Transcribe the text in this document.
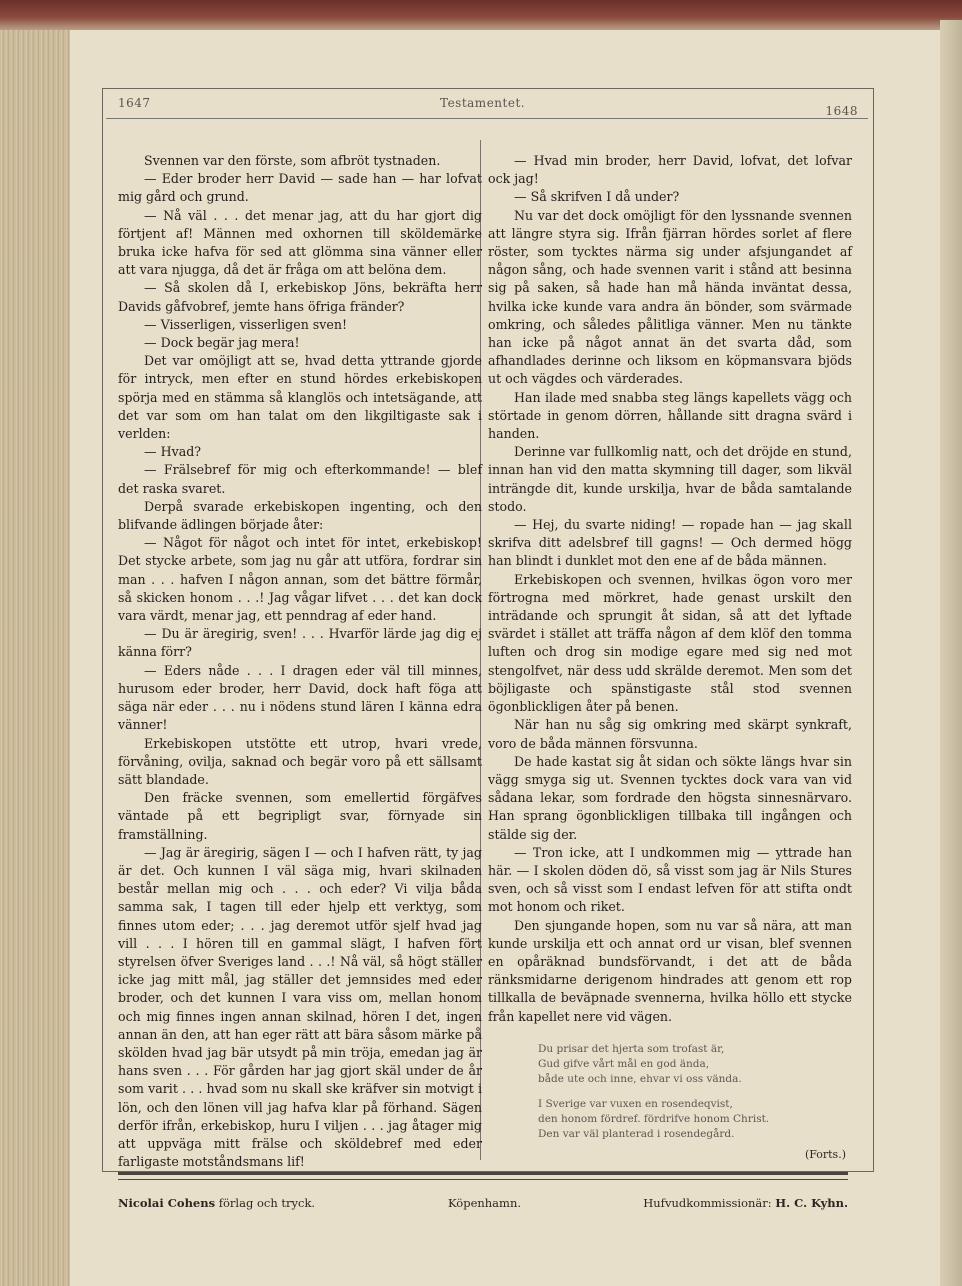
1647	Testamentet.
1648

Svennen var den förste, som afbröt tystnaden.

— Eder broder herr David — sade han — har lofvat mig gård och grund.

— Nå väl . . . det menar jag, att du har gjort dig förtjent af! Männen med oxhornen till sköldemärke bruka icke hafva för sed att glömma sina vänner eller att vara njugga, då det är fråga om att belöna dem.

— Så skolen då I, erkebiskop Jöns, bekräfta herr Davids gåfvobref, jemte hans öfriga fränder?

— Visserligen, visserligen sven!

— Dock begär jag mera!

Det var omöjligt att se, hvad detta yttrande gjorde för intryck, men efter en stund hördes erkebiskopen spörja med en stämma så klanglös och intetsägande, att det var som om han talat om den likgiltigaste sak i verlden:

— Hvad?

— Frälsebref för mig och efterkommande! — blef det raska svaret.

Derpå svarade erkebiskopen ingenting, och den blifvande ädlingen började åter:

— Något för något och intet för intet, erkebiskop! Det stycke arbete, som jag nu går att utföra, fordrar sin man . . . hafven I någon annan, som det bättre förmår, så skicken honom . . .! Jag vågar lifvet . . . det kan dock vara värdt, menar jag, ett penndrag af eder hand.

— Du är äregirig, sven! . . . Hvarför lärde jag dig ej känna förr?

— Eders nåde . . . I dragen eder väl till minnes, hurusom eder broder, herr David, dock haft föga att säga när eder . . . nu i nödens stund lären I känna edra vänner!

Erkebiskopen utstötte ett utrop, hvari vrede, förvåning, ovilja, saknad och begär voro på ett sällsamt sätt blandade.

Den fräcke svennen, som emellertid förgäfves väntade på ett begripligt svar, förnyade sin framställning.

— Jag är äregirig, sägen I — och I hafven rätt, ty jag är det. Och kunnen I väl säga mig, hvari skilnaden består mellan mig och . . . och eder? Vi vilja båda samma sak, I tagen till eder hjelp ett verktyg, som finnes utom eder; . . . jag deremot utför sjelf hvad jag vill . . . I hören till en gammal slägt, I hafven fört styrelsen öfver Sveriges land . . .! Nå väl, så högt ställer icke jag mitt mål, jag ställer det jemnsides med eder broder, och det kunnen I vara viss om, mellan honom och mig finnes ingen annan skilnad, hören I det, ingen annan än den, att han eger rätt att bära såsom märke på skölden hvad jag bär utsydt på min tröja, emedan jag är hans sven . . . För gården har jag gjort skäl under de år som varit . . . hvad som nu skall ske kräfver sin motvigt i lön, och den lönen vill jag hafva klar på förhand. Sägen derför ifrån, erkebiskop, huru I viljen . . . jag åtager mig att uppväga mitt frälse och sköldebref med eder farligaste motståndsmans lif!

— Hvad min broder, herr David, lofvat, det lofvar ock jag!

— Så skrifven I då under?

Nu var det dock omöjligt för den lyssnande svennen att längre styra sig. Ifrån fjärran hördes sorlet af flere röster, som tycktes närma sig under afsjungandet af någon sång, och hade svennen varit i stånd att besinna sig på saken, så hade han må hända inväntat dessa, hvilka icke kunde vara andra än bönder, som svärmade omkring, och således pålitliga vänner. Men nu tänkte han icke på något annat än det svarta dåd, som afhandlades derinne och liksom en köpmansvara bjöds ut och vägdes och värderades.

Han ilade med snabba steg längs kapellets vägg och störtade in genom dörren, hållande sitt dragna svärd i handen.

Derinne var fullkomlig natt, och det dröjde en stund, innan han vid den matta skymning till dager, som likväl inträngde dit, kunde urskilja, hvar de båda samtalande stodo.

— Hej, du svarte niding! — ropade han — jag skall skrifva ditt adelsbref till gagns! — Och dermed högg han blindt i dunklet mot den ene af de båda männen.

Erkebiskopen och svennen, hvilkas ögon voro mer förtrogna med mörkret, hade genast urskilt den inträdande och sprungit åt sidan, så att det lyftade svärdet i stället att träffa någon af dem klöf den tomma luften och drog sin modige egare med sig ned mot stengolfvet, när dess udd skrälde deremot. Men som det böjligaste och spänstigaste stål stod svennen ögonblickligen åter på benen.

När han nu såg sig omkring med skärpt synkraft, voro de båda männen försvunna.

De hade kastat sig åt sidan och sökte längs hvar sin vägg smyga sig ut. Svennen tycktes dock vara van vid sådana lekar, som fordrade den högsta sinnesnärvaro. Han sprang ögonblickligen tillbaka till ingången och stälde sig der.

— Tron icke, att I undkommen mig — yttrade han här. — I skolen döden dö, så visst som jag är Nils Stures sven, och så visst som I endast lefven för att stifta ondt mot honom och riket.

Den sjungande hopen, som nu var så nära, att man kunde urskilja ett och annat ord ur visan, blef svennen en opåräknad bundsförvandt, i det att de båda ränksmidarne derigenom hindrades att genom ett rop tillkalla de beväpnade svennerna, hvilka höllo ett stycke från kapellet nere vid vägen.

Du prisar det hjerta som trofast är,
Gud gifve vårt mål en god ända,
både ute och inne, ehvar vi oss vända.
I Sverige var vuxen en rosendeqvist,
den honom fördref. fördrifve honom Christ.
Den var väl planterad i rosendegård.
(Forts.)
Nicolai Cohens förlag och tryck.	Köpenhamn.	Hufvudkommissionär: H. C. Kyhn.
